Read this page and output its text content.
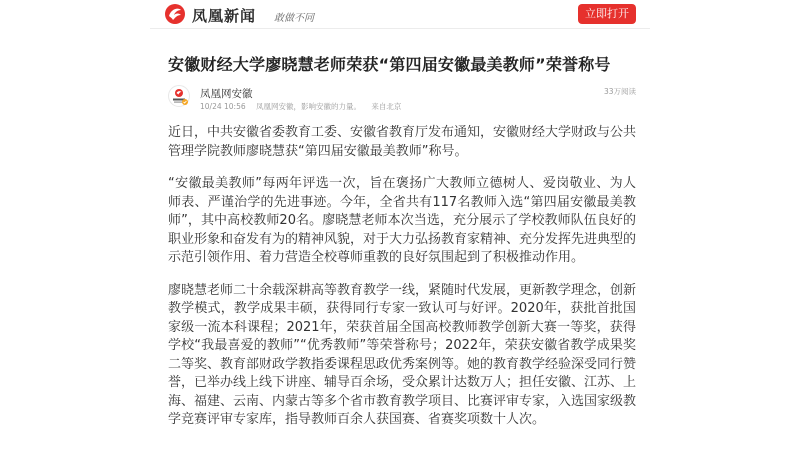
凤凰新闻 敢做不同	立即打开
安徽财经大学廖晓慧老师荣获“第四届安徽最美教师”荣誉称号
凤凰网安徽
10/24 10:56 凤凰网安徽，影响安徽的力量。 来自北京
33万阅读

近日，中共安徽省委教育工委、安徽省教育厅发布通知，安徽财经大学财政与公共管理学院教师廖晓慧获“第四届安徽最美教师”称号。

“安徽最美教师”每两年评选一次，旨在褒扬广大教师立德树人、爱岗敬业、为人师表、严谨治学的先进事迹。今年，全省共有117名教师入选“第四届安徽最美教师”，其中高校教师20名。廖晓慧老师本次当选，充分展示了学校教师队伍良好的职业形象和奋发有为的精神风貌，对于大力弘扬教育家精神、充分发挥先进典型的示范引领作用、着力营造全校尊师重教的良好氛围起到了积极推动作用。

廖晓慧老师二十余载深耕高等教育教学一线，紧随时代发展，更新教学理念，创新教学模式，教学成果丰硕，获得同行专家一致认可与好评。2020年，获批首批国家级一流本科课程；2021年，荣获首届全国高校教师教学创新大赛一等奖，获得学校“我最喜爱的教师”“优秀教师”等荣誉称号；2022年，荣获安徽省教学成果奖二等奖、教育部财政学教指委课程思政优秀案例等。她的教育教学经验深受同行赞誉，已举办线上线下讲座、辅导百余场，受众累计达数万人；担任安徽、江苏、上海、福建、云南、内蒙古等多个省市教育教学项目、比赛评审专家，入选国家级教学竞赛评审专家库，指导教师百余人获国赛、省赛奖项数十人次。
